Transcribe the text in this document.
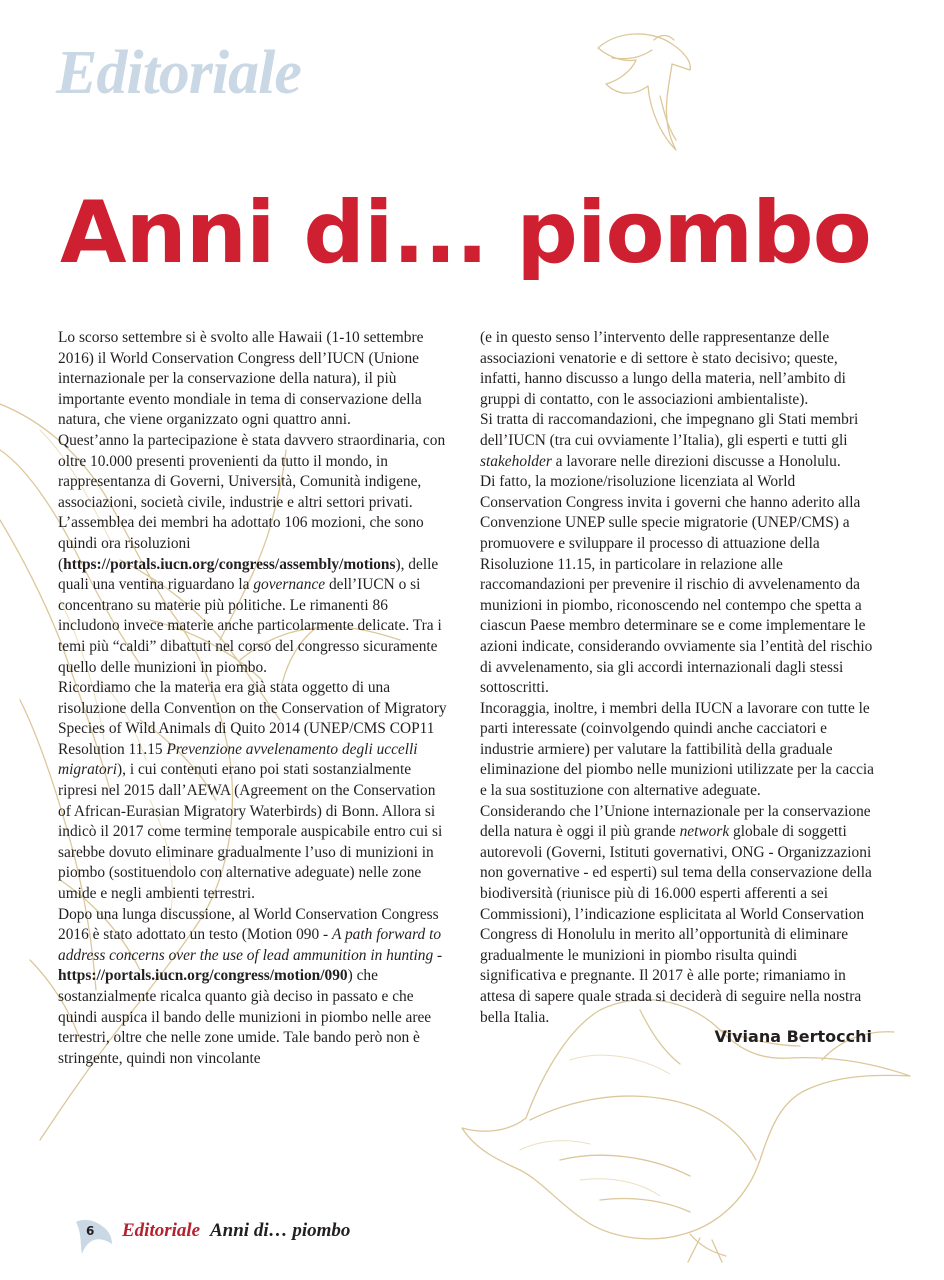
Editoriale
Anni di... piombo

Lo scorso settembre si è svolto alle Hawaii (1-10 settembre 2016) il World Conservation Congress dell’IUCN (Unione internazionale per la conservazione della natura), il più importante evento mondiale in tema di conservazione della natura, che viene organizzato ogni quattro anni.
Quest’anno la partecipazione è stata davvero straordinaria, con oltre 10.000 presenti provenienti da tutto il mondo, in rappresentanza di Governi, Università, Comunità indigene, associazioni, società civile, industrie e altri settori privati.
L’assemblea dei membri ha adottato 106 mozioni, che sono quindi ora risoluzioni (https://portals.iucn.org/congress/assembly/motions), delle quali una ventina riguardano la governance dell’IUCN o si concentrano su materie più politiche. Le rimanenti 86 includono invece materie anche particolarmente delicate. Tra i temi più “caldi” dibattuti nel corso del congresso sicuramente quello delle munizioni in piombo.
Ricordiamo che la materia era già stata oggetto di una risoluzione della Convention on the Conservation of Migratory Species of Wild Animals di Quito 2014 (UNEP/CMS COP11 Resolution 11.15 Prevenzione avvelenamento degli uccelli migratori), i cui contenuti erano poi stati sostanzialmente ripresi nel 2015 dall’AEWA (Agreement on the Conservation of African-Eurasian Migratory Waterbirds) di Bonn. Allora si indicò il 2017 come termine temporale auspicabile entro cui si sarebbe dovuto eliminare gradualmente l’uso di munizioni in piombo (sostituendolo con alternative adeguate) nelle zone umide e negli ambienti terrestri.
Dopo una lunga discussione, al World Conservation Congress 2016 è stato adottato un testo (Motion 090 - A path forward to address concerns over the use of lead ammunition in hunting - https://portals.iucn.org/congress/motion/090) che sostanzialmente ricalca quanto già deciso in passato e che quindi auspica il bando delle munizioni in piombo nelle aree terrestri, oltre che nelle zone umide. Tale bando però non è stringente, quindi non vincolante

(e in questo senso l’intervento delle rappresentanze delle associazioni venatorie e di settore è stato decisivo; queste, infatti, hanno discusso a lungo della materia, nell’ambito di gruppi di contatto, con le associazioni ambientaliste).
Si tratta di raccomandazioni, che impegnano gli Stati membri dell’IUCN (tra cui ovviamente l’Italia), gli esperti e tutti gli stakeholder a lavorare nelle direzioni discusse a Honolulu.
Di fatto, la mozione/risoluzione licenziata al World Conservation Congress invita i governi che hanno aderito alla Convenzione UNEP sulle specie migratorie (UNEP/CMS) a promuovere e sviluppare il processo di attuazione della Risoluzione 11.15, in particolare in relazione alle raccomandazioni per prevenire il rischio di avvelenamento da munizioni in piombo, riconoscendo nel contempo che spetta a ciascun Paese membro determinare se e come implementare le azioni indicate, considerando ovviamente sia l’entità del rischio di avvelenamento, sia gli accordi internazionali dagli stessi sottoscritti.
Incoraggia, inoltre, i membri della IUCN a lavorare con tutte le parti interessate (coinvolgendo quindi anche cacciatori e industrie armiere) per valutare la fattibilità della graduale eliminazione del piombo nelle munizioni utilizzate per la caccia e la sua sostituzione con alternative adeguate.
Considerando che l’Unione internazionale per la conservazione della natura è oggi il più grande network globale di soggetti autorevoli (Governi, Istituti governativi, ONG - Organizzazioni non governative - ed esperti) sul tema della conservazione della biodiversità (riunisce più di 16.000 esperti afferenti a sei Commissioni), l’indicazione esplicitata al World Conservation Congress di Honolulu in merito all’opportunità di eliminare gradualmente le munizioni in piombo risulta quindi significativa e pregnante. Il 2017 è alle porte; rimaniamo in attesa di sapere quale strada si deciderà di seguire nella nostra bella Italia.

Viviana Bertocchi
6 Editoriale Anni di… piombo
